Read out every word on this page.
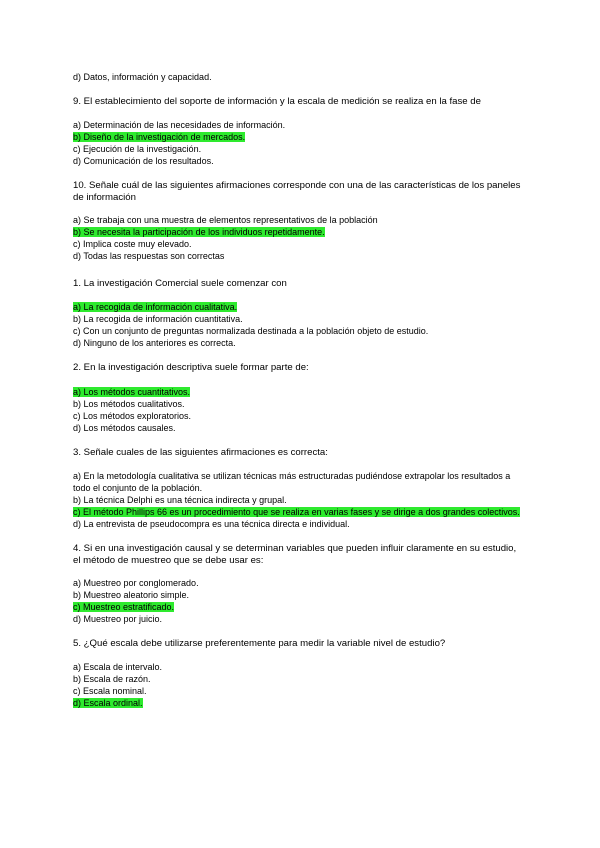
d) Datos, información y capacidad.
9. El establecimiento del soporte de información y la escala de medición se realiza en la fase de
a) Determinación de las necesidades de información.
b) Diseño de la investigación de mercados.
c) Ejecución de la investigación.
d) Comunicación de los resultados.
10. Señale cuál de las siguientes afirmaciones corresponde con una de las características de los paneles
de información
a) Se trabaja con una muestra de elementos representativos de la población
b) Se necesita la participación de los individuos repetidamente.
c) Implica coste muy elevado.
d) Todas las respuestas son correctas
1. La investigación Comercial suele comenzar con
a) La recogida de información cualitativa.
b) La recogida de información cuantitativa.
c) Con un conjunto de preguntas normalizada destinada a la población objeto de estudio.
d) Ninguno de los anteriores es correcta.
2. En la investigación descriptiva suele formar parte de:
a) Los métodos cuantitativos.
b) Los métodos cualitativos.
c) Los métodos exploratorios.
d) Los métodos causales.
3. Señale cuales de las siguientes afirmaciones es correcta:
a) En la metodología cualitativa se utilizan técnicas más estructuradas pudiéndose extrapolar los resultados a
todo el conjunto de la población.
b) La técnica Delphi es una técnica indirecta y grupal.
c) El método Phillips 66 es un procedimiento que se realiza en varias fases y se dirige a dos grandes colectivos.
d) La entrevista de pseudocompra es una técnica directa e individual.
4. Si en una investigación causal y se determinan variables que pueden influir claramente en su estudio,
el método de muestreo que se debe usar es:
a) Muestreo por conglomerado.
b) Muestreo aleatorio simple.
c) Muestreo estratificado.
d) Muestreo por juicio.
5. ¿Qué escala debe utilizarse preferentemente para medir la variable nivel de estudio?
a) Escala de intervalo.
b) Escala de razón.
c) Escala nominal.
d) Escala ordinal.
